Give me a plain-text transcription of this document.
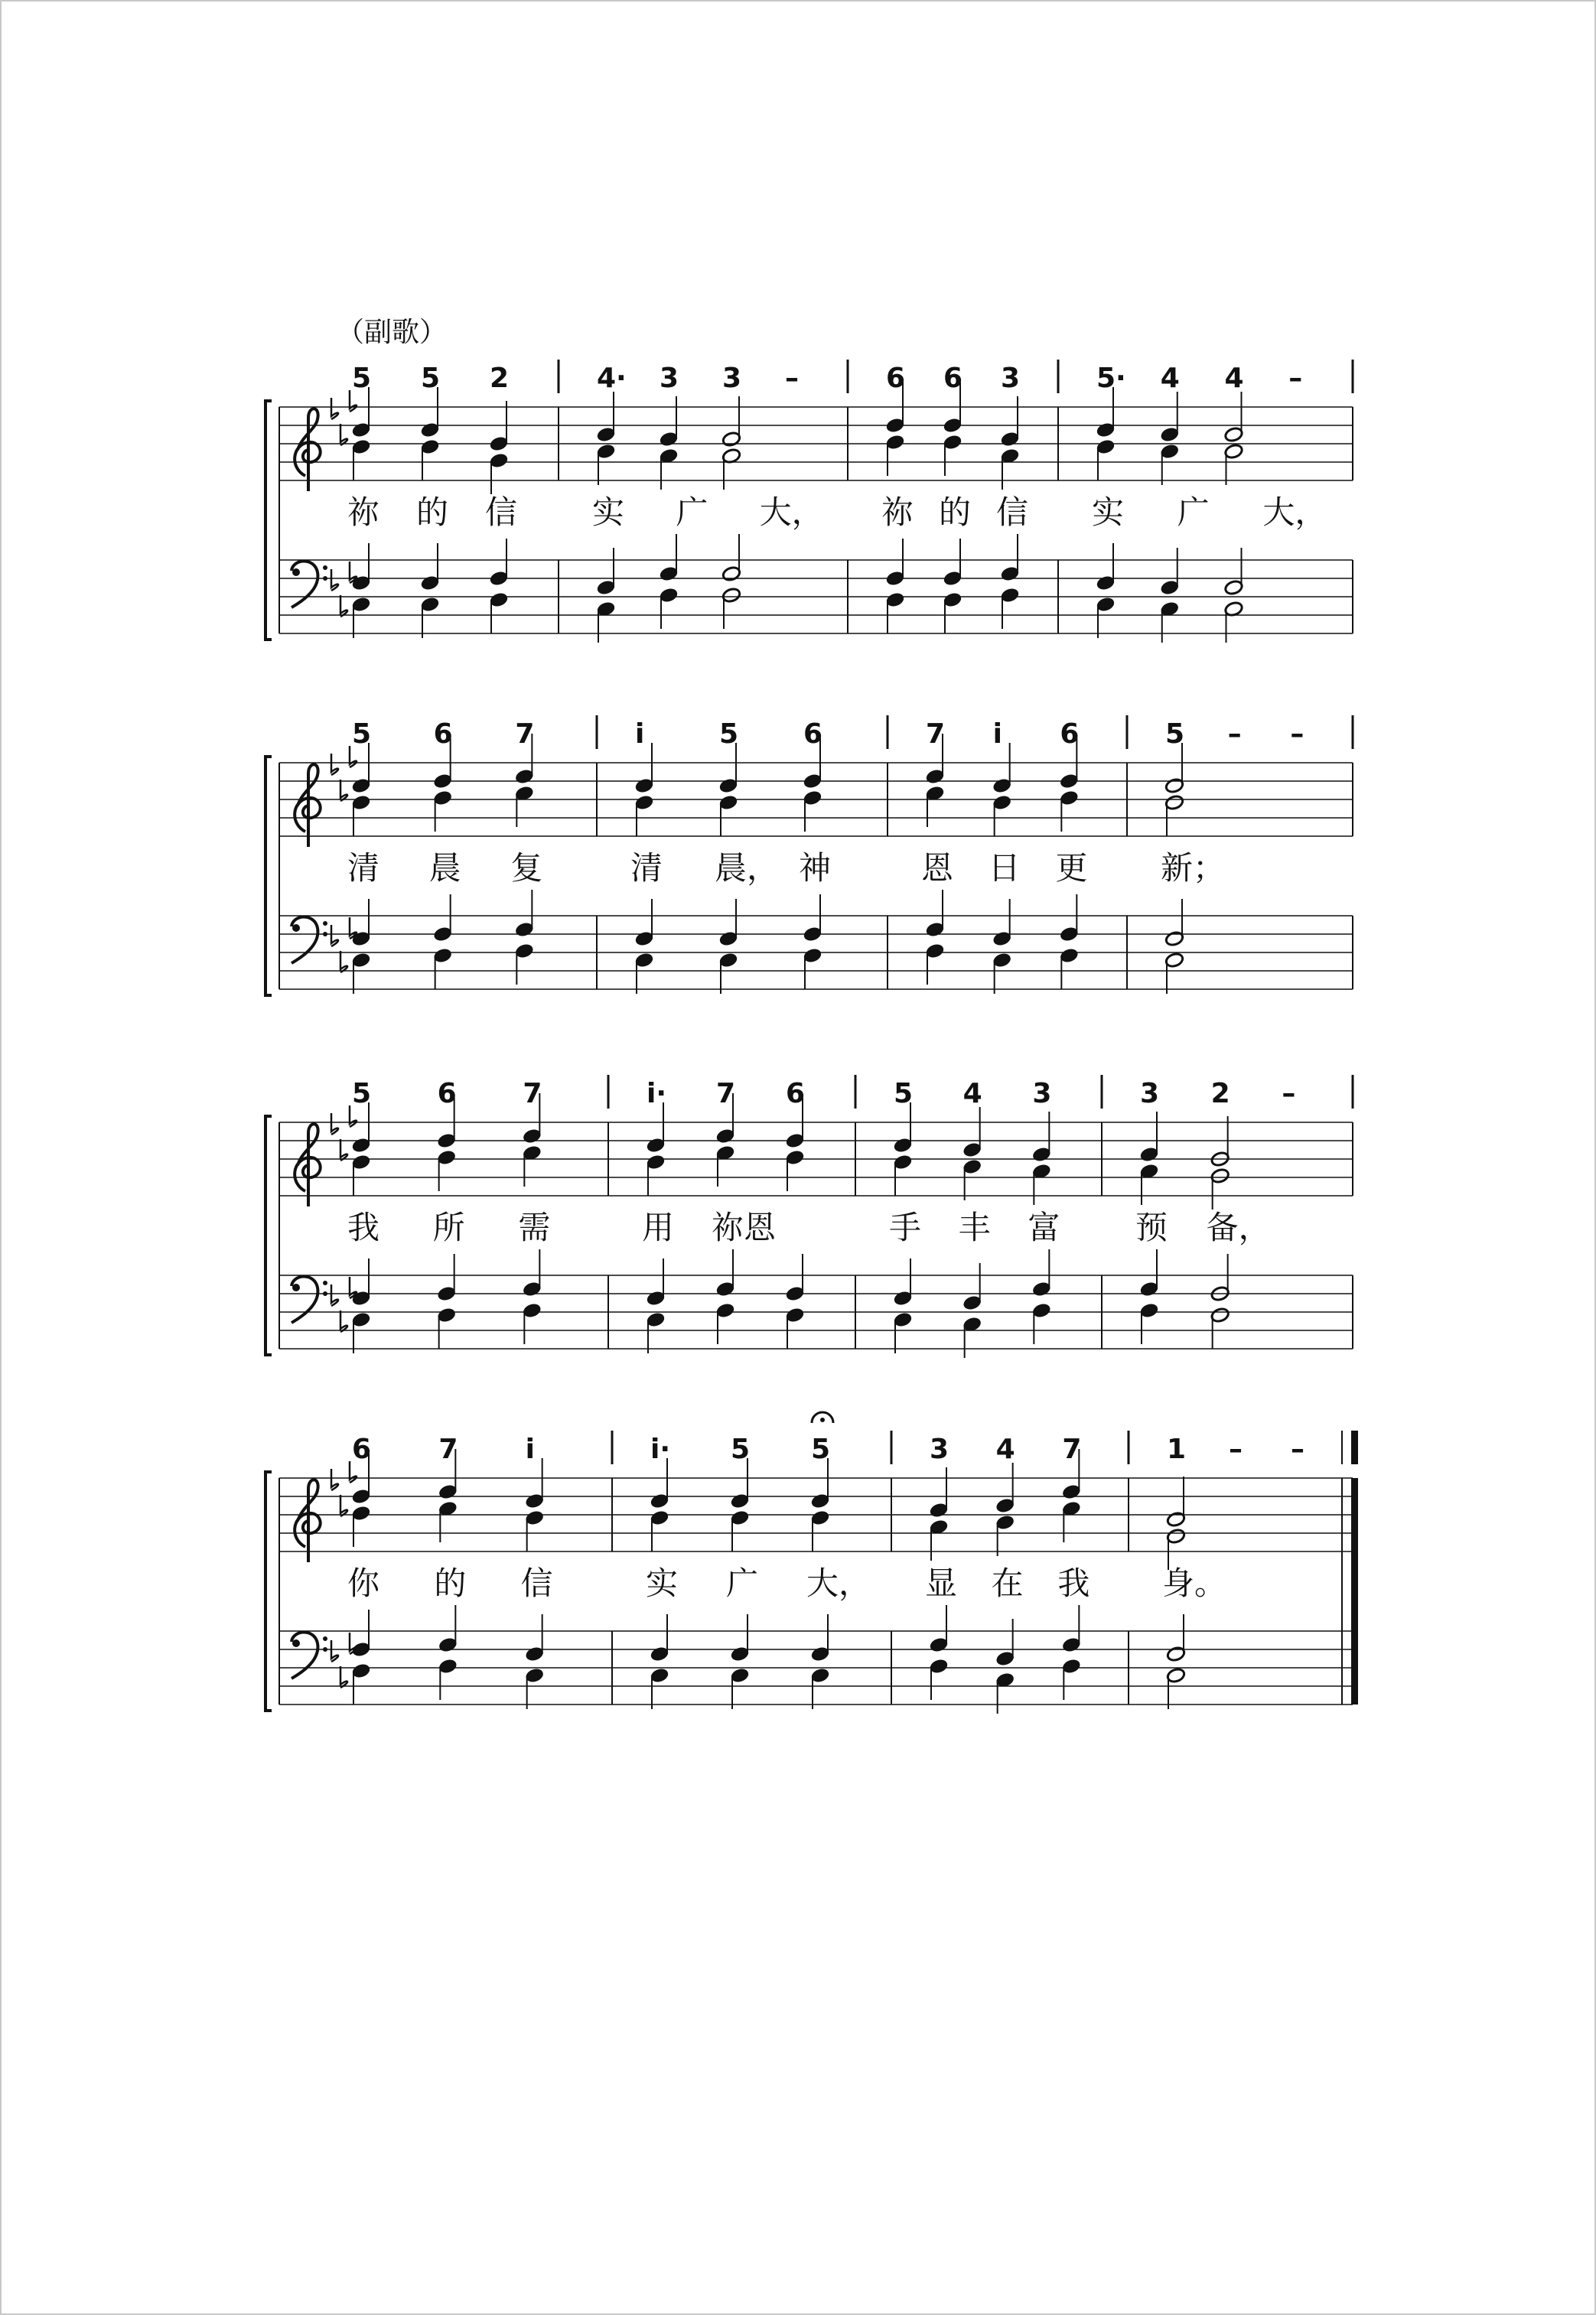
（副歌）
5 5 2	4· 3 3 –	6 6 3	5· 4 4 –
祢 的 信 实 广 大， 祢 的 信 实 广 大，
5 6 7	i	5 6	7 i 6	5 – –
清 晨 复	清 晨， 神	恩 日 更 新；
5 6 7	i· 7 6	5 4 3	3 2 –
我 所 需	用 祢恩	手 丰 富 预 备，
6 7 i	i· 5 5	3 4 7	1 – –
你 的 信	实 广 大， 显 在 我 身。
